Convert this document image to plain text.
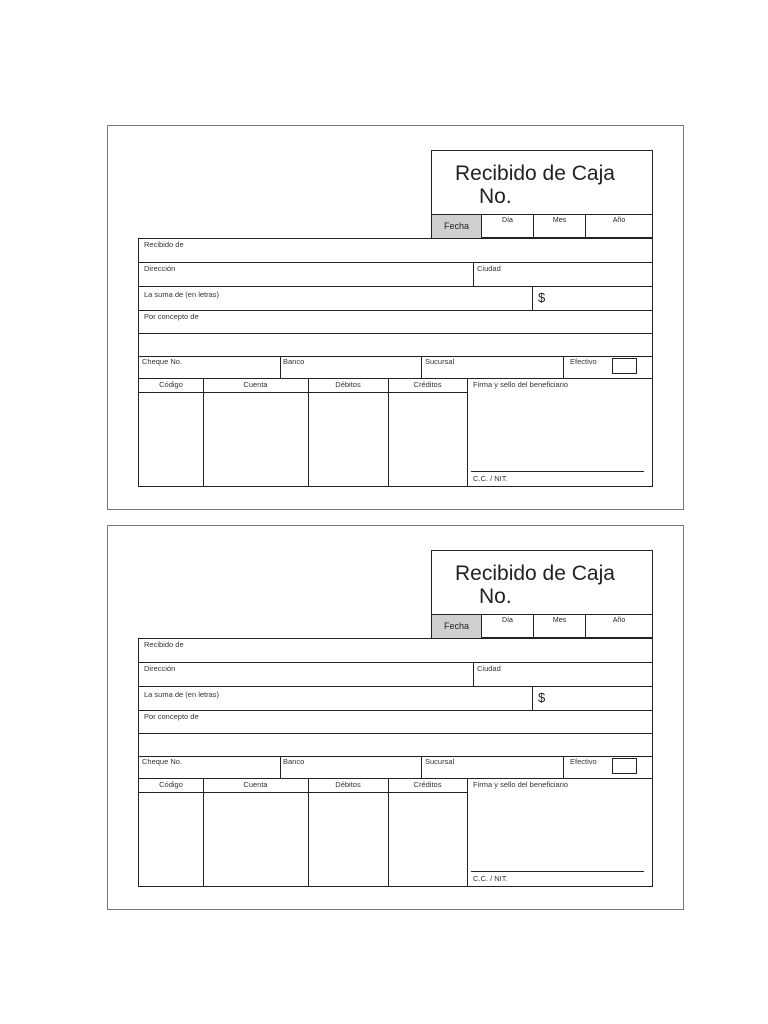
Recibido de Caja
No.
Fecha
Día	Mes	Año
Recibido de
Dirección	Ciudad
La suma de (en letras)	$
Por concepto de
Cheque No.	Banco	Sucursal	Efectivo
Código	Cuenta	Débitos	Créditos	Firma y sello del beneficiario
C.C. / NIT.
Recibido de Caja
No.
Fecha
Día	Mes	Año
Recibido de
Dirección	Ciudad
La suma de (en letras)	$
Por concepto de
Cheque No.	Banco	Sucursal	Efectivo
Código	Cuenta	Débitos	Créditos	Firma y sello del beneficiario
C.C. / NIT.
